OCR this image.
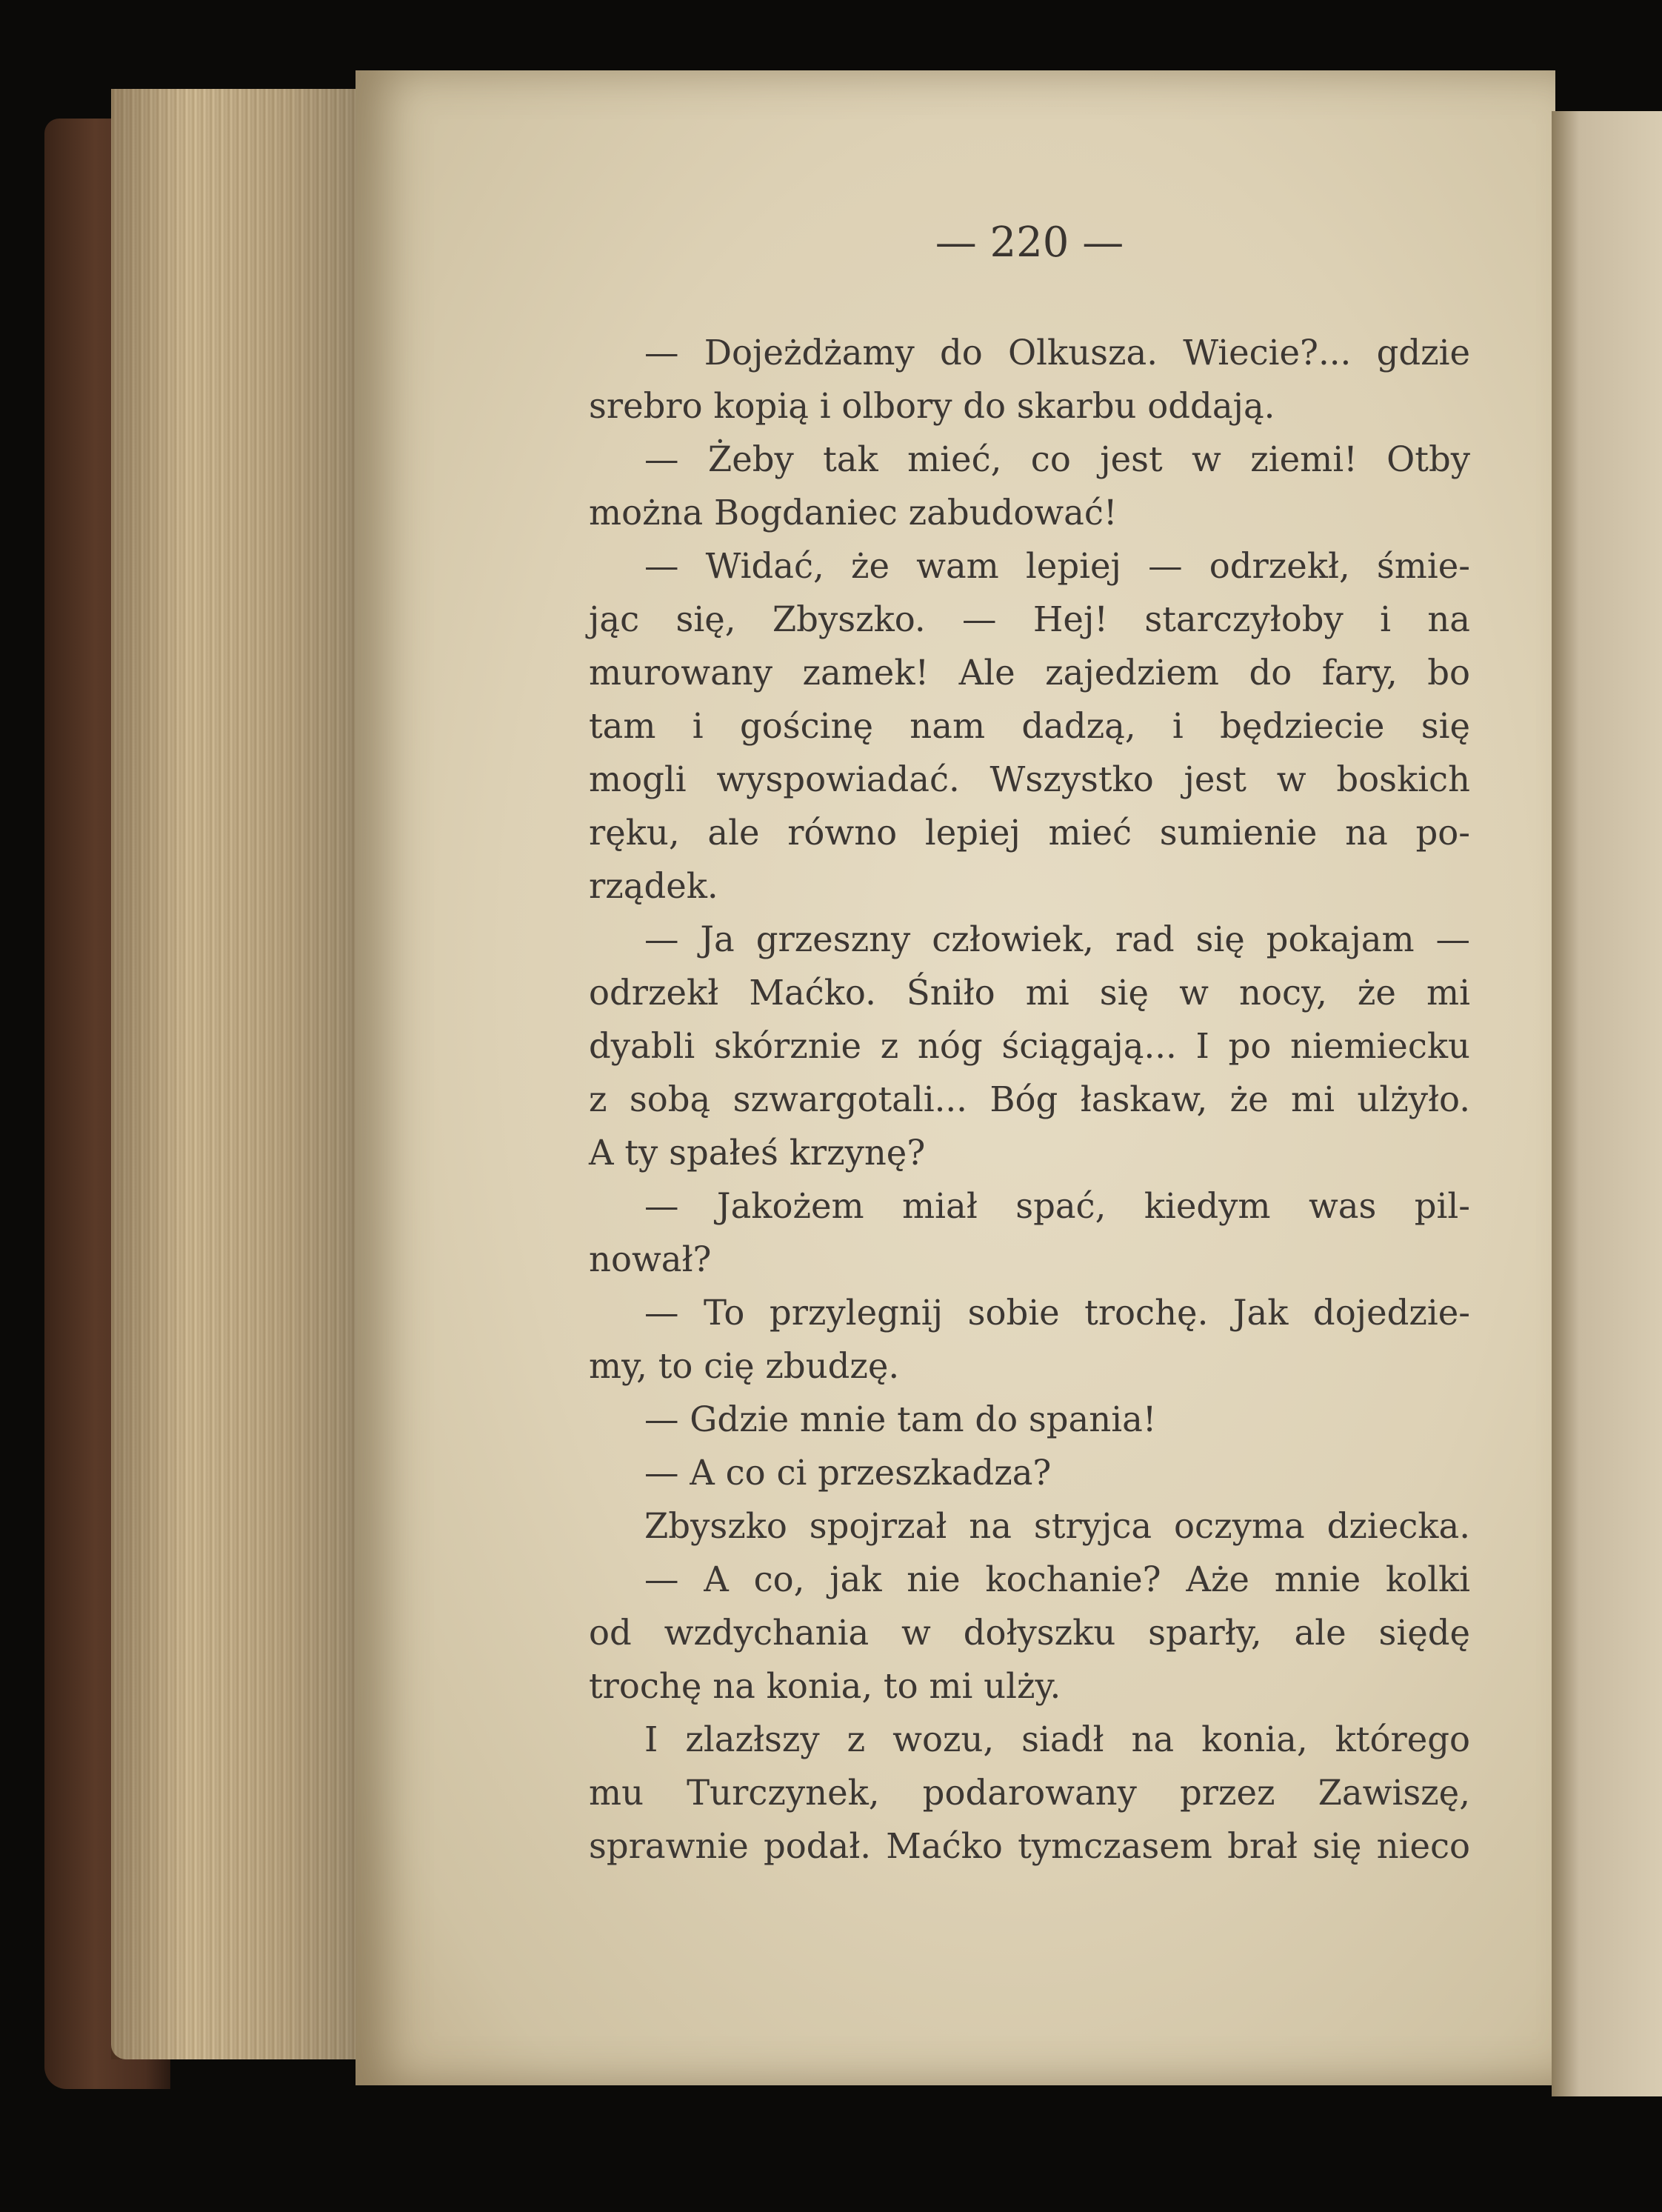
— 220 —
— Dojeżdżamy do Olkusza. Wiecie?... gdzie
srebro kopią i olbory do skarbu oddają.
— Żeby tak mieć, co jest w ziemi! Otby
można Bogdaniec zabudować!
— Widać, że wam lepiej — odrzekł, śmie-
jąc się, Zbyszko. — Hej! starczyłoby i na
murowany zamek! Ale zajedziem do fary, bo
tam i gościnę nam dadzą, i będziecie się
mogli wyspowiadać. Wszystko jest w boskich
ręku, ale równo lepiej mieć sumienie na po-
rządek.
— Ja grzeszny człowiek, rad się pokajam —
odrzekł Maćko. Śniło mi się w nocy, że mi
dyabli skórznie z nóg ściągają... I po niemiecku
z sobą szwargotali... Bóg łaskaw, że mi ulżyło.
A ty spałeś krzynę?
— Jakożem miał spać, kiedym was pil-
nował?
— To przylegnij sobie trochę. Jak dojedzie-
my, to cię zbudzę.
— Gdzie mnie tam do spania!
— A co ci przeszkadza?
Zbyszko spojrzał na stryjca oczyma dziecka.
— A co, jak nie kochanie? Aże mnie kolki
od wzdychania w dołyszku sparły, ale siędę
trochę na konia, to mi ulży.
I zlazłszy z wozu, siadł na konia, którego
mu Turczynek, podarowany przez Zawiszę,
sprawnie podał. Maćko tymczasem brał się nieco
